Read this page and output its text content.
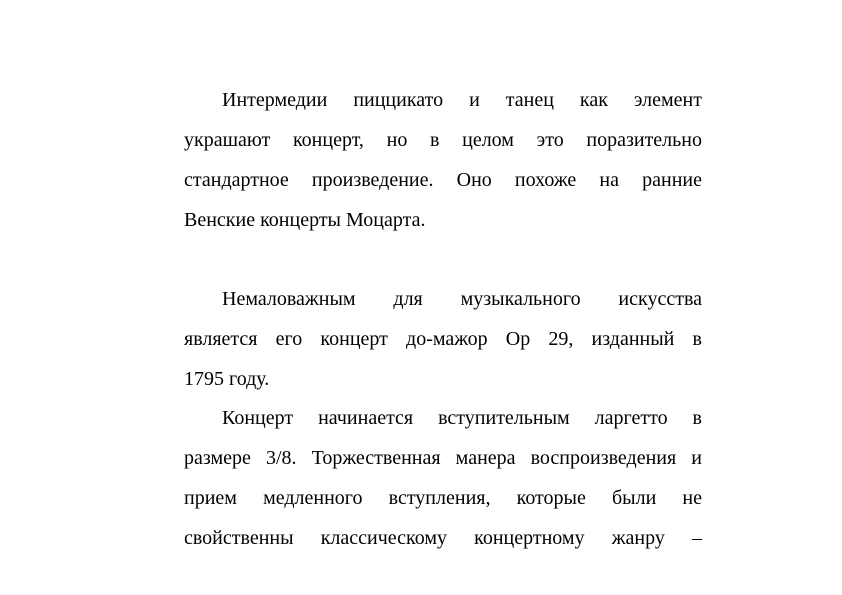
Интермедии пиццикато и танец как элемент
украшают концерт, но в целом это поразительно
стандартное произведение. Оно похоже на ранние
Венские концерты Моцарта.
Немаловажным для музыкального искусства
является его концерт до-мажор Ор 29, изданный в
1795 году.
Концерт начинается вступительным ларгетто в
размере 3/8. Торжественная манера воспроизведения и
прием медленного вступления, которые были не
свойственны классическому концертному жанру –
